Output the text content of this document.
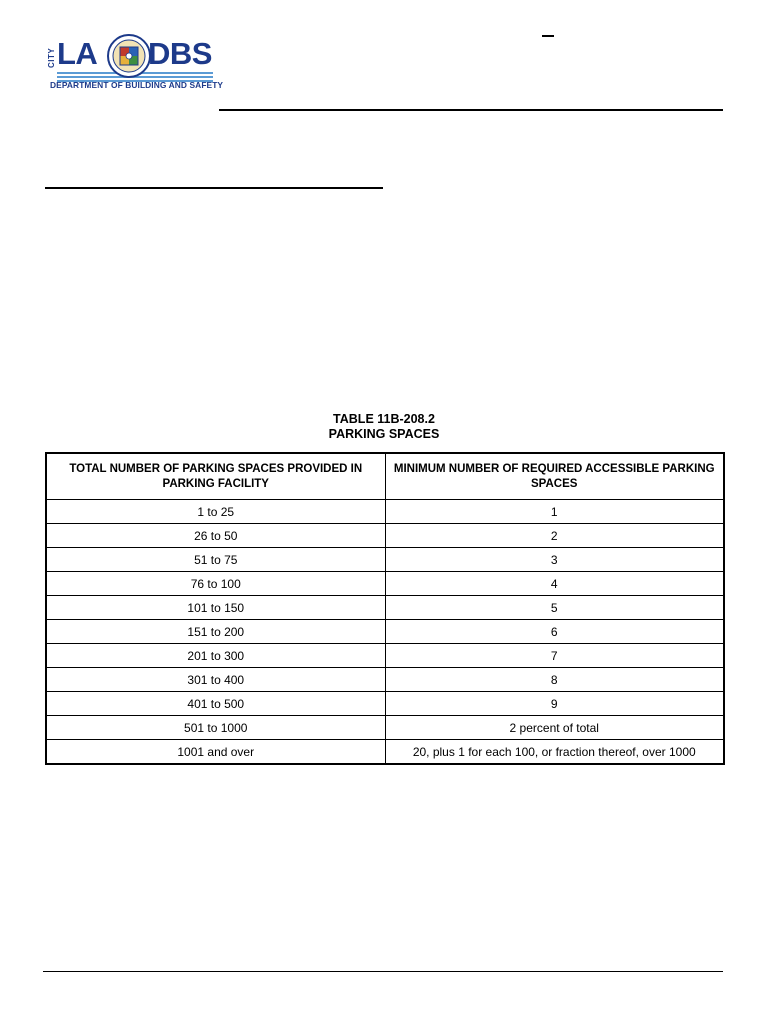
CITY LA DBS
DEPARTMENT OF BUILDING AND SAFETY
TABLE 11B-208.2
PARKING SPACES
TOTAL NUMBER OF PARKING SPACES PROVIDED IN PARKING FACILITY	MINIMUM NUMBER OF REQUIRED ACCESSIBLE PARKING SPACES
1 to 25	1
26 to 50	2
51 to 75	3
76 to 100	4
101 to 150	5
151 to 200	6
201 to 300	7
301 to 400	8
401 to 500	9
501 to 1000	2 percent of total
1001 and over	20, plus 1 for each 100, or fraction thereof, over 1000
